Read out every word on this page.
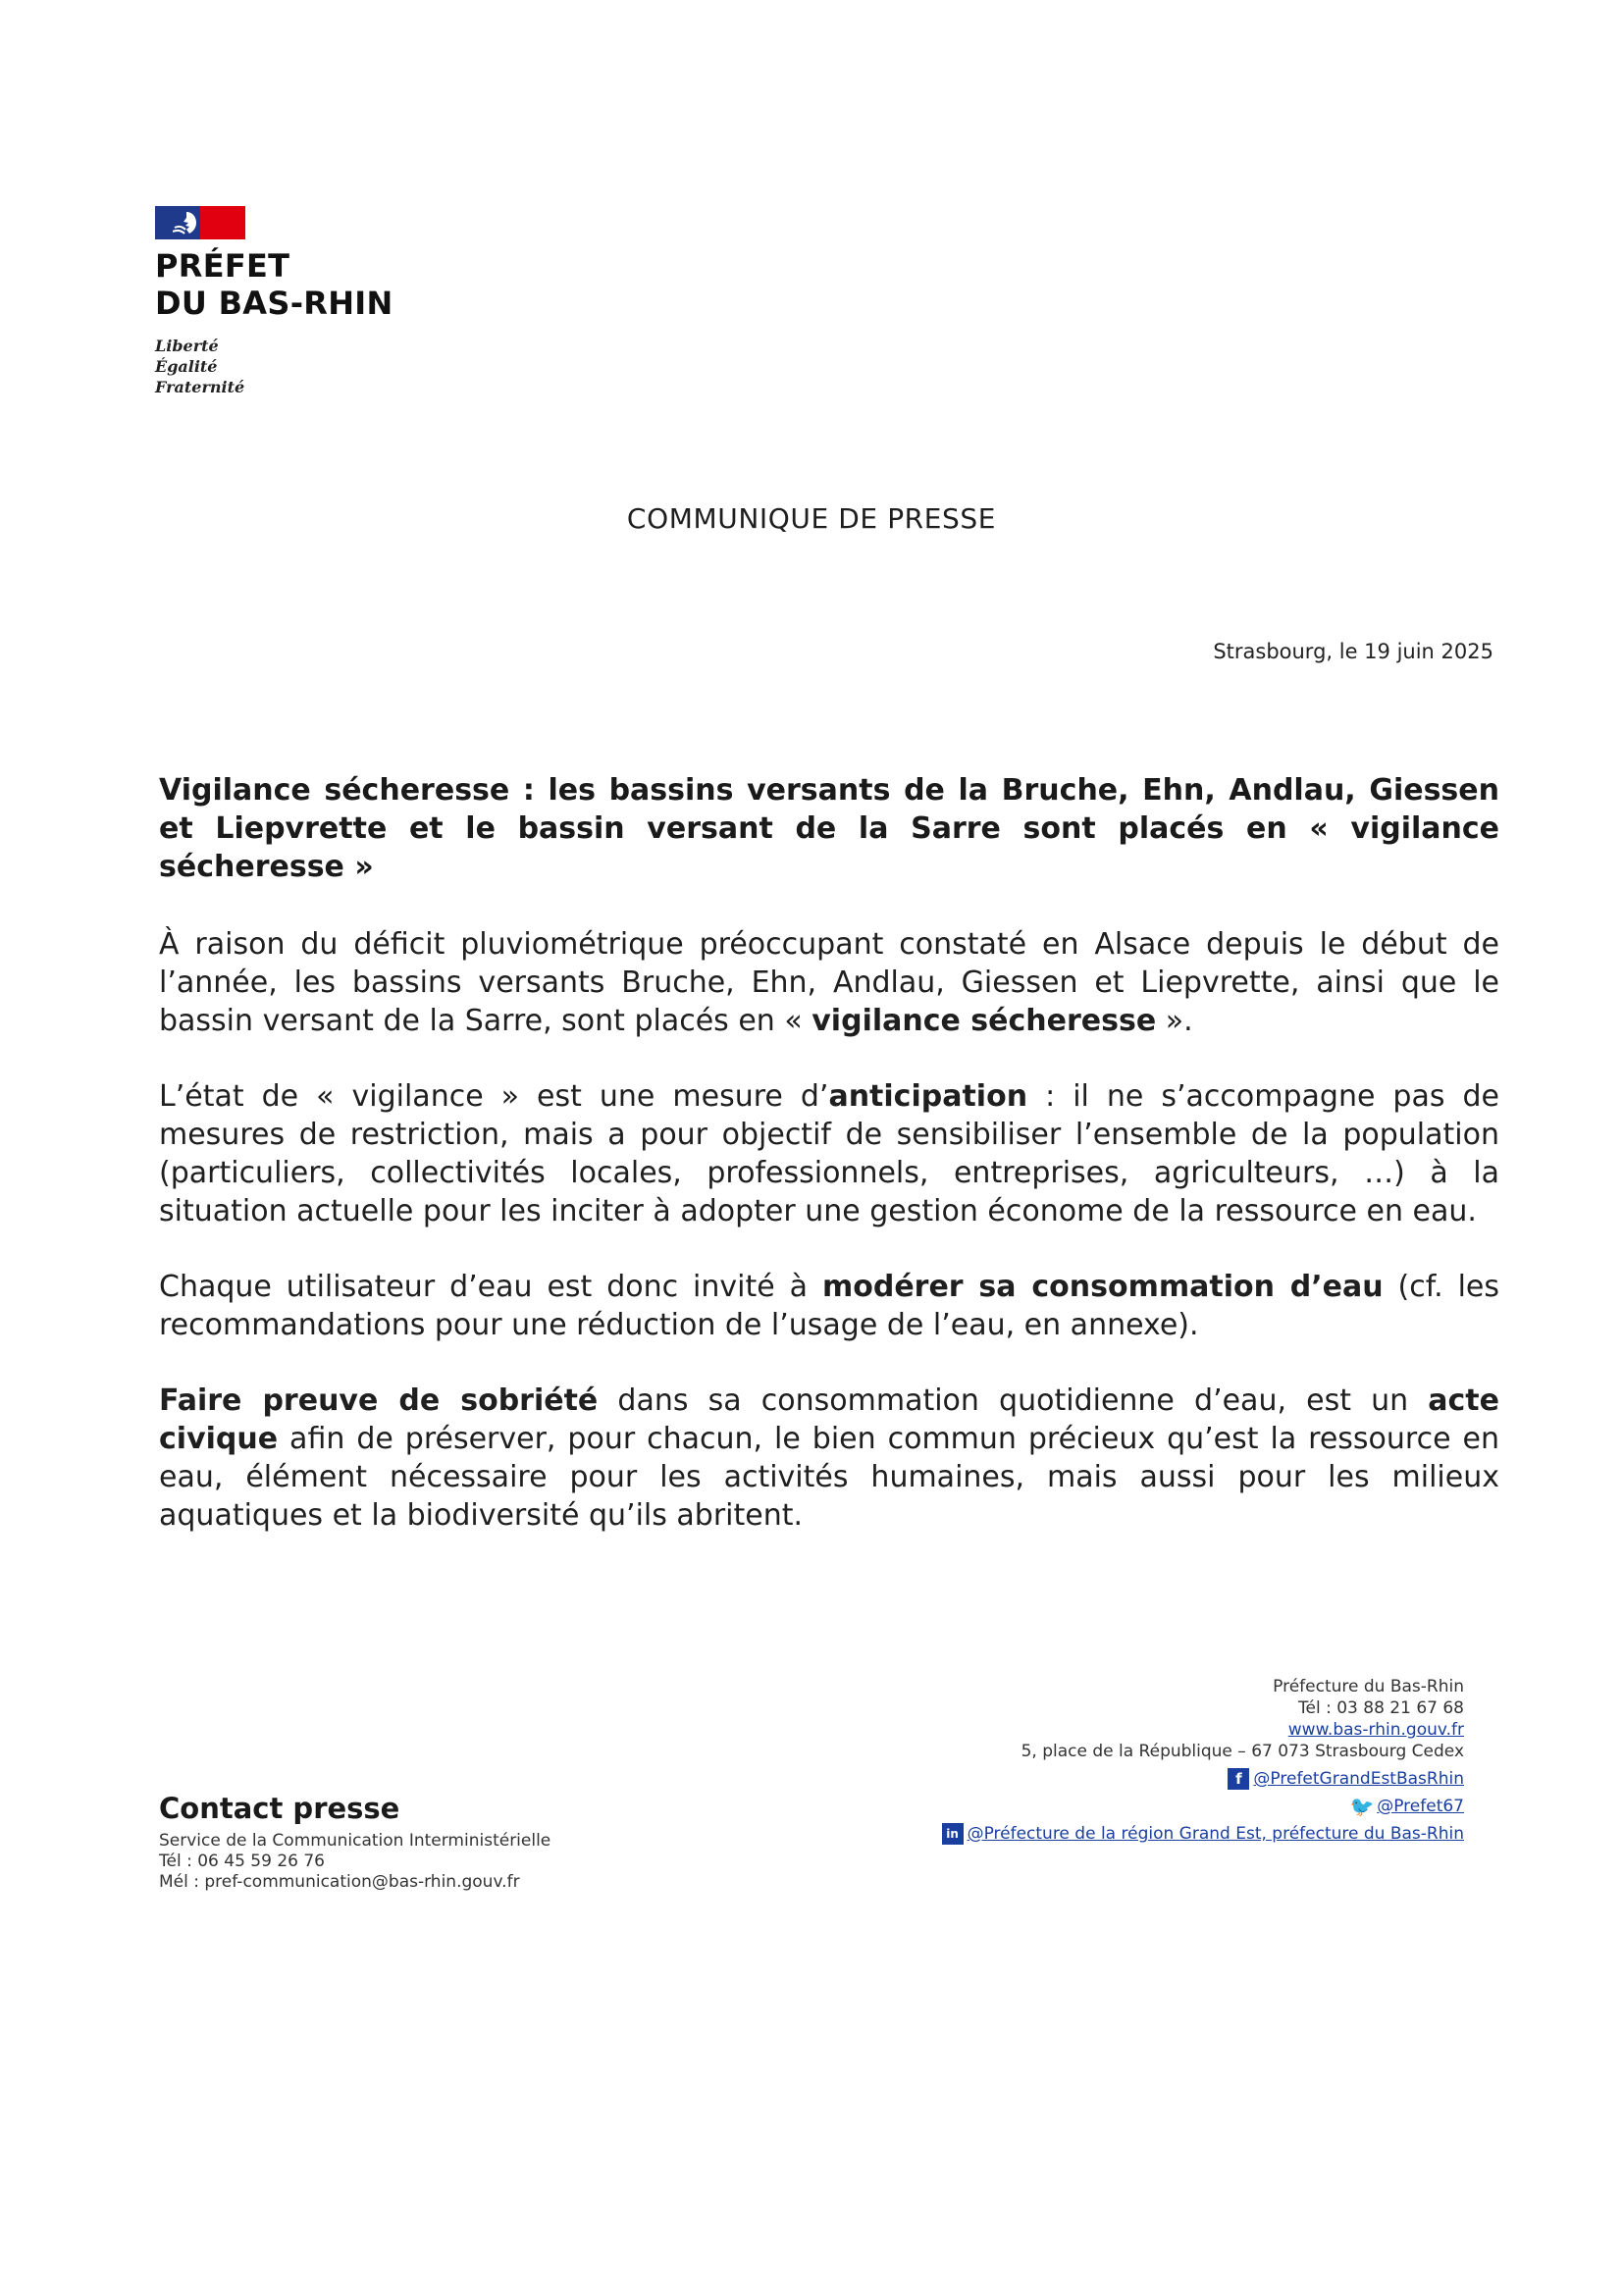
PRÉFET
DU BAS-RHIN
Liberté
Égalité
Fraternité
COMMUNIQUE DE PRESSE
Strasbourg, le 19 juin 2025

Vigilance sécheresse : les bassins versants de la Bruche, Ehn, Andlau, Giessen et Liepvrette et le bassin versant de la Sarre sont placés en « vigilance sécheresse »

À raison du déficit pluviométrique préoccupant constaté en Alsace depuis le début de l’année, les bassins versants Bruche, Ehn, Andlau, Giessen et Liepvrette, ainsi que le bassin versant de la Sarre, sont placés en « vigilance sécheresse ».

L’état de « vigilance » est une mesure d’anticipation : il ne s’accompagne pas de mesures de restriction, mais a pour objectif de sensibiliser l’ensemble de la population (particuliers, collectivités locales, professionnels, entreprises, agriculteurs, …) à la situation actuelle pour les inciter à adopter une gestion économe de la ressource en eau.

Chaque utilisateur d’eau est donc invité à modérer sa consommation d’eau (cf. les recommandations pour une réduction de l’usage de l’eau, en annexe).

Faire preuve de sobriété dans sa consommation quotidienne d’eau, est un acte civique afin de préserver, pour chacun, le bien commun précieux qu’est la ressource en eau, élément nécessaire pour les activités humaines, mais aussi pour les milieux aquatiques et la biodiversité qu’ils abritent.

Préfecture du Bas-Rhin
Tél : 03 88 21 67 68
www.bas-rhin.gouv.fr
5, place de la République – 67 073 Strasbourg Cedex
f @PrefetGrandEstBasRhin
🐦 @Prefet67
in @Préfecture de la région Grand Est, préfecture du Bas-Rhin
Contact presse
Service de la Communication Interministérielle
Tél : 06 45 59 26 76
Mél : pref-communication@bas-rhin.gouv.fr
